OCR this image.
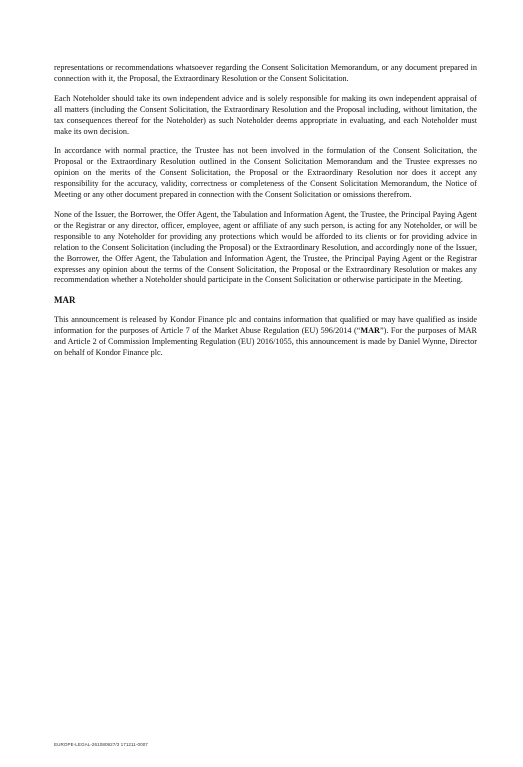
representations or recommendations whatsoever regarding the Consent Solicitation Memorandum, or any document prepared in connection with it, the Proposal, the Extraordinary Resolution or the Consent Solicitation.

Each Noteholder should take its own independent advice and is solely responsible for making its own independent appraisal of all matters (including the Consent Solicitation, the Extraordinary Resolution and the Proposal including, without limitation, the tax consequences thereof for the Noteholder) as such Noteholder deems appropriate in evaluating, and each Noteholder must make its own decision.

In accordance with normal practice, the Trustee has not been involved in the formulation of the Consent Solicitation, the Proposal or the Extraordinary Resolution outlined in the Consent Solicitation Memorandum and the Trustee expresses no opinion on the merits of the Consent Solicitation, the Proposal or the Extraordinary Resolution nor does it accept any responsibility for the accuracy, validity, correctness or completeness of the Consent Solicitation Memorandum, the Notice of Meeting or any other document prepared in connection with the Consent Solicitation or omissions therefrom.

None of the Issuer, the Borrower, the Offer Agent, the Tabulation and Information Agent, the Trustee, the Principal Paying Agent or the Registrar or any director, officer, employee, agent or affiliate of any such person, is acting for any Noteholder, or will be responsible to any Noteholder for providing any protections which would be afforded to its clients or for providing advice in relation to the Consent Solicitation (including the Proposal) or the Extraordinary Resolution, and accordingly none of the Issuer, the Borrower, the Offer Agent, the Tabulation and Information Agent, the Trustee, the Principal Paying Agent or the Registrar expresses any opinion about the terms of the Consent Solicitation, the Proposal or the Extraordinary Resolution or makes any recommendation whether a Noteholder should participate in the Consent Solicitation or otherwise participate in the Meeting.

MAR

This announcement is released by Kondor Finance plc and contains information that qualified or may have qualified as inside information for the purposes of Article 7 of the Market Abuse Regulation (EU) 596/2014 (“MAR”). For the purposes of MAR and Article 2 of Commission Implementing Regulation (EU) 2016/1055, this announcement is made by Daniel Wynne, Director on behalf of Kondor Finance plc.

EUROPE-LEGAL-261080927/3 171211-0007
